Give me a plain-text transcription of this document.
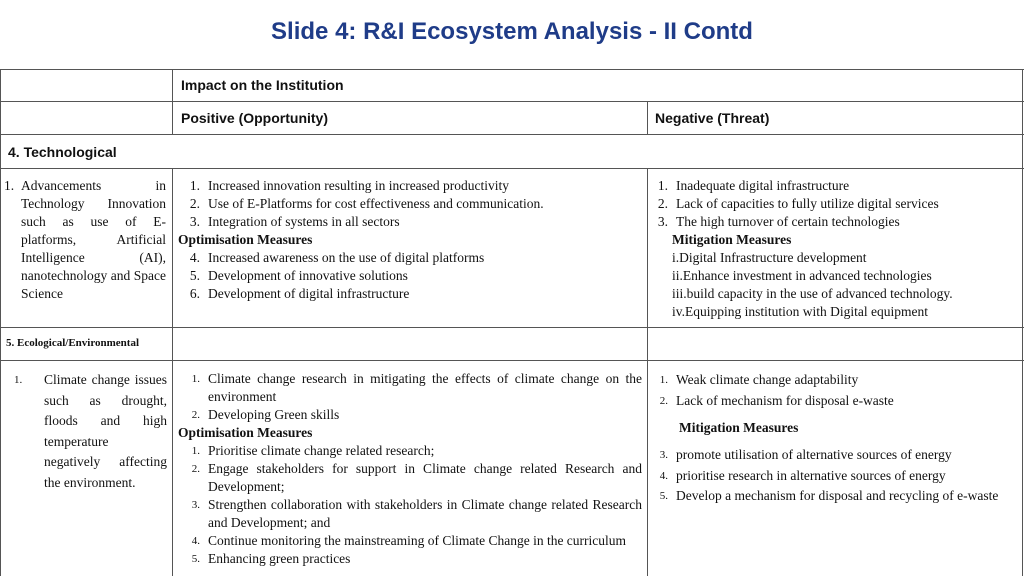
Slide 4: R&I Ecosystem Analysis - II Contd
Impact on the Institution
Positive (Opportunity)	Negative (Threat)
4. Technological
1. Advancements in Technology Innovation such as use of E-platforms, Artificial Intelligence (AI), nanotechnology and Space Science
1. Increased innovation resulting in increased productivity
2. Use of E-Platforms for cost effectiveness and communication.
3. Integration of systems in all sectors
Optimisation Measures
4. Increased awareness on the use of digital platforms
5. Development of innovative solutions
6. Development of digital infrastructure
1. Inadequate digital infrastructure
2. Lack of capacities to fully utilize digital services
3. The high turnover of certain technologies
Mitigation Measures
i.Digital Infrastructure development
ii.Enhance investment in advanced technologies
iii.build capacity in the use of advanced technology.
iv.Equipping institution with Digital equipment
5. Ecological/Environmental
1.	Climate change issues such as drought, floods and high temperature negatively affecting the environment.
1. Climate change research in mitigating the effects of climate change on the environment
2. Developing Green skills
Optimisation Measures
1. Prioritise climate change related research;
2. Engage stakeholders for support in Climate change related Research and Development;
3. Strengthen collaboration with stakeholders in Climate change related Research and Development; and
4. Continue monitoring the mainstreaming of Climate Change in the curriculum
5. Enhancing green practices
1. Weak climate change adaptability
2. Lack of mechanism for disposal e-waste
Mitigation Measures
3. promote utilisation of alternative sources of energy
4. prioritise research in alternative sources of energy
5. Develop a mechanism for disposal and recycling of e-waste
